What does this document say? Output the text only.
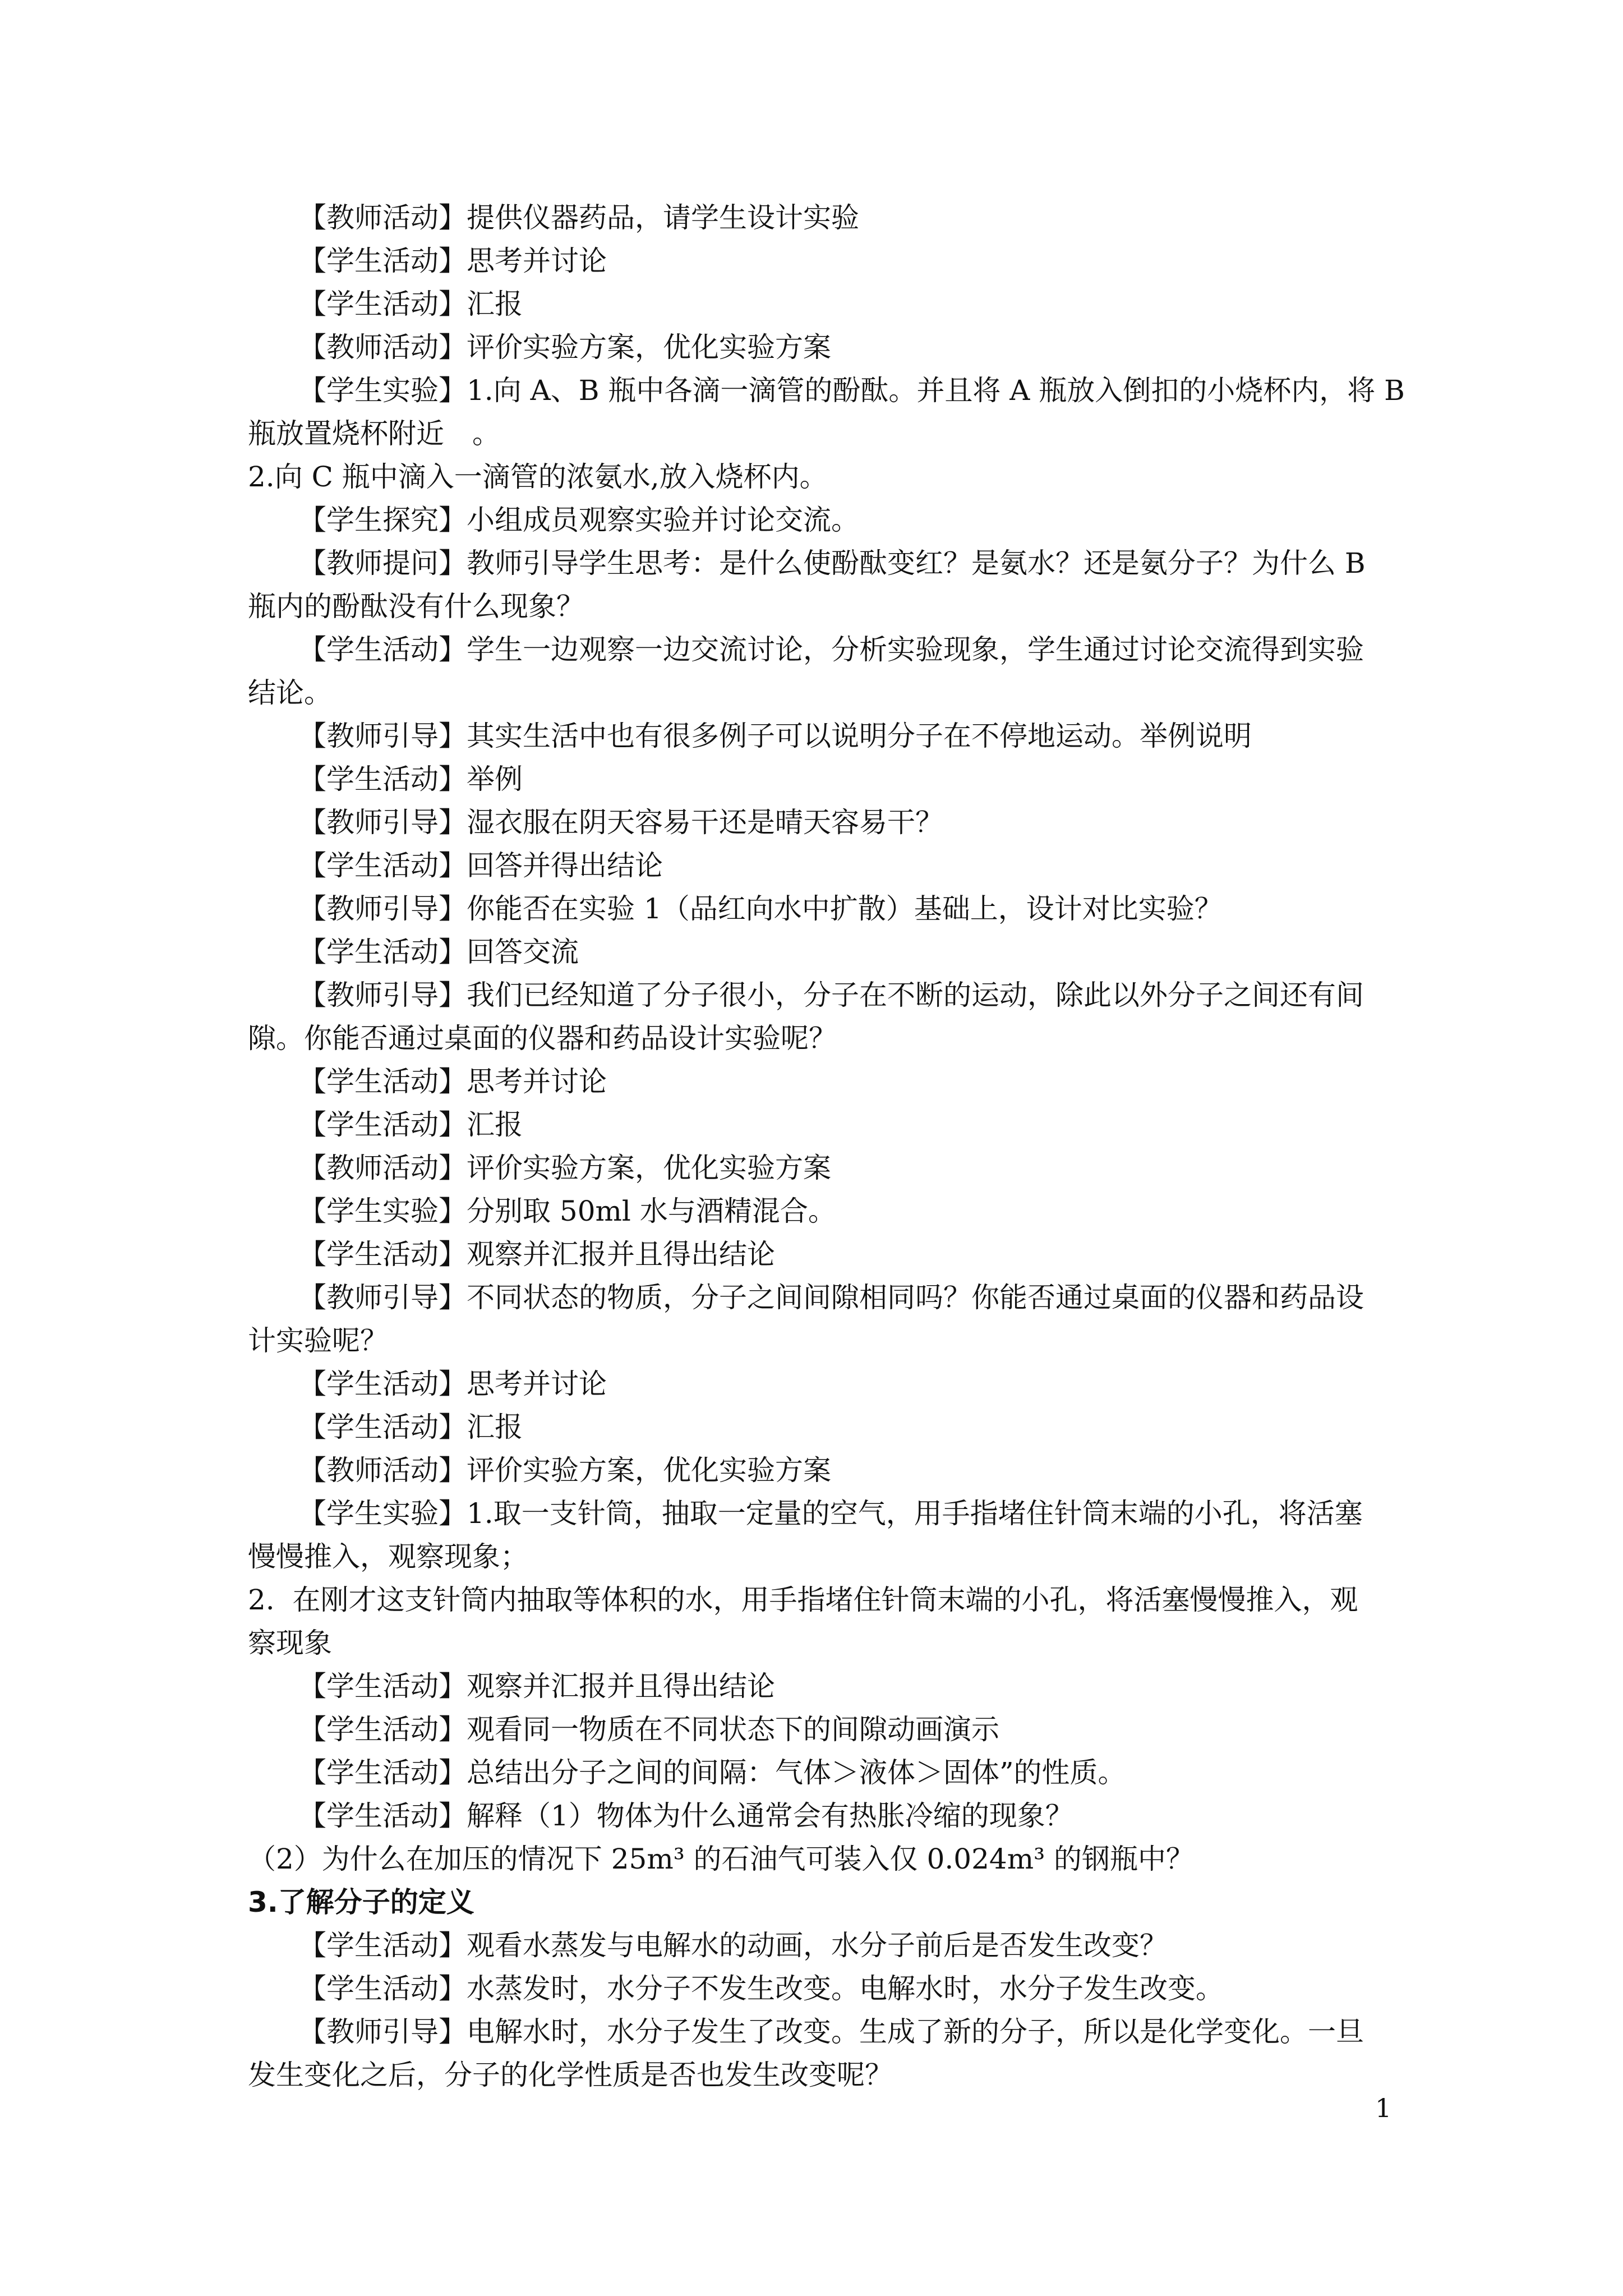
【教师活动】提供仪器药品，请学生设计实验

【学生活动】思考并讨论

【学生活动】汇报

【教师活动】评价实验方案，优化实验方案

【学生实验】1.向 A、B 瓶中各滴一滴管的酚酞。并且将 A 瓶放入倒扣的小烧杯内，将 B

瓶放置烧杯附近　。

2.向 C 瓶中滴入一滴管的浓氨水,放入烧杯内。

【学生探究】小组成员观察实验并讨论交流。

【教师提问】教师引导学生思考：是什么使酚酞变红？是氨水？还是氨分子？为什么 B

瓶内的酚酞没有什么现象？

【学生活动】学生一边观察一边交流讨论，分析实验现象，学生通过讨论交流得到实验

结论。

【教师引导】其实生活中也有很多例子可以说明分子在不停地运动。举例说明

【学生活动】举例

【教师引导】湿衣服在阴天容易干还是晴天容易干？

【学生活动】回答并得出结论

【教师引导】你能否在实验 1（品红向水中扩散）基础上，设计对比实验？

【学生活动】回答交流

【教师引导】我们已经知道了分子很小，分子在不断的运动，除此以外分子之间还有间

隙。你能否通过桌面的仪器和药品设计实验呢？

【学生活动】思考并讨论

【学生活动】汇报

【教师活动】评价实验方案，优化实验方案

【学生实验】分别取 50ml 水与酒精混合。

【学生活动】观察并汇报并且得出结论

【教师引导】不同状态的物质，分子之间间隙相同吗？你能否通过桌面的仪器和药品设

计实验呢？

【学生活动】思考并讨论

【学生活动】汇报

【教师活动】评价实验方案，优化实验方案

【学生实验】1.取一支针筒，抽取一定量的空气，用手指堵住针筒末端的小孔，将活塞

慢慢推入，观察现象；

2.  在刚才这支针筒内抽取等体积的水，用手指堵住针筒末端的小孔，将活塞慢慢推入，观

察现象

【学生活动】观察并汇报并且得出结论

【学生活动】观看同一物质在不同状态下的间隙动画演示

【学生活动】总结出分子之间的间隔：气体＞液体＞固体”的性质。

【学生活动】解释（1）物体为什么通常会有热胀冷缩的现象？

（2）为什么在加压的情况下 25m³ 的石油气可装入仅 0.024m³ 的钢瓶中？

3.了解分子的定义

【学生活动】观看水蒸发与电解水的动画，水分子前后是否发生改变？

【学生活动】水蒸发时，水分子不发生改变。电解水时，水分子发生改变。

【教师引导】电解水时，水分子发生了改变。生成了新的分子，所以是化学变化。一旦

发生变化之后，分子的化学性质是否也发生改变呢？

1
